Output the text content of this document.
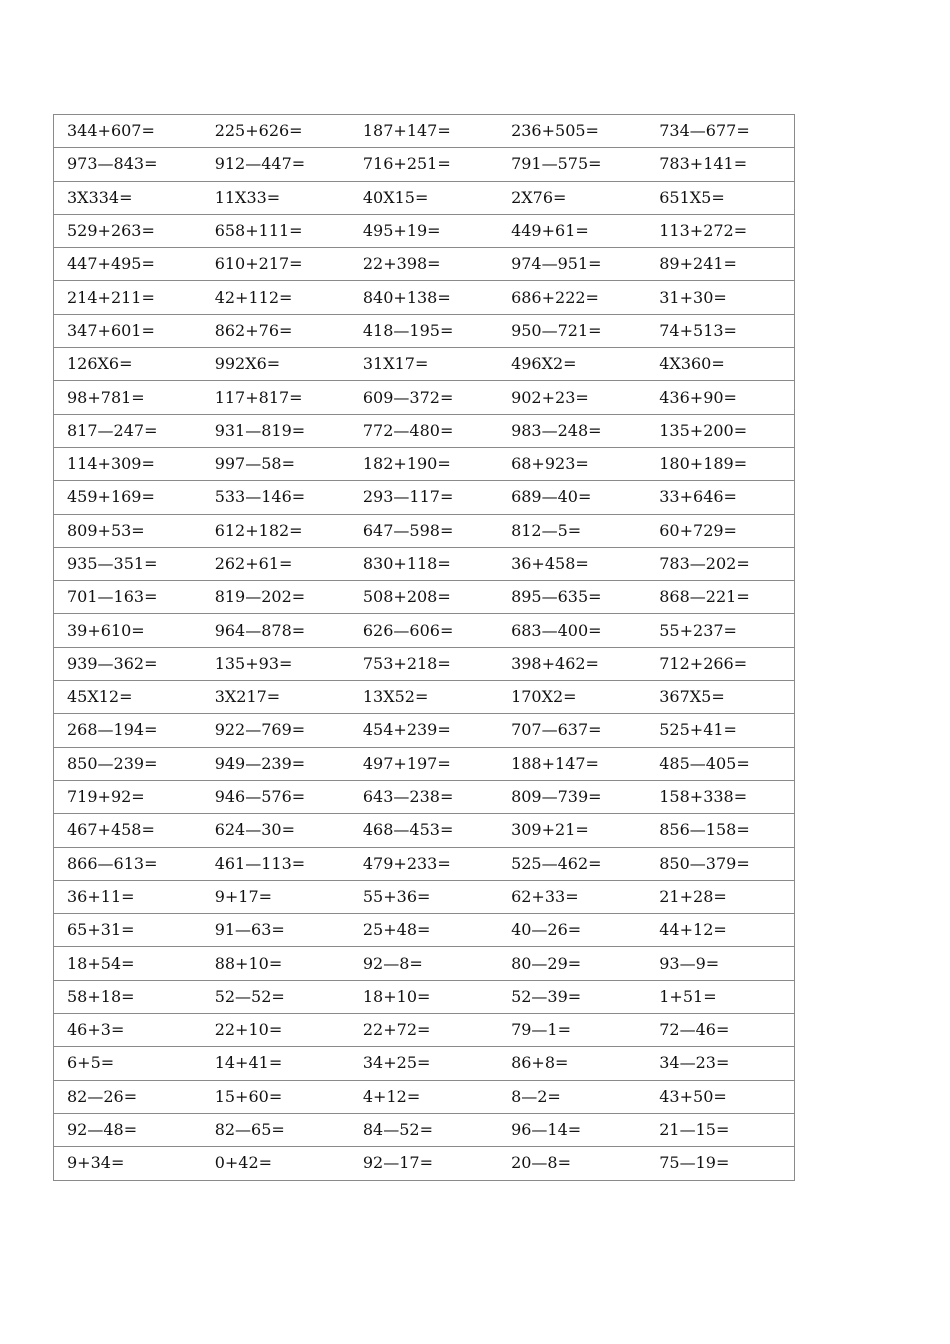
344+607=	225+626=	187+147=	236+505=	734—677=
973—843=	912—447=	716+251=	791—575=	783+141=
3X334=	11X33=	40X15=	2X76=	651X5=
529+263=	658+111=	495+19=	449+61=	113+272=
447+495=	610+217=	22+398=	974—951=	89+241=
214+211=	42+112=	840+138=	686+222=	31+30=
347+601=	862+76=	418—195=	950—721=	74+513=
126X6=	992X6=	31X17=	496X2=	4X360=
98+781=	117+817=	609—372=	902+23=	436+90=
817—247=	931—819=	772—480=	983—248=	135+200=
114+309=	997—58=	182+190=	68+923=	180+189=
459+169=	533—146=	293—117=	689—40=	33+646=
809+53=	612+182=	647—598=	812—5=	60+729=
935—351=	262+61=	830+118=	36+458=	783—202=
701—163=	819—202=	508+208=	895—635=	868—221=
39+610=	964—878=	626—606=	683—400=	55+237=
939—362=	135+93=	753+218=	398+462=	712+266=
45X12=	3X217=	13X52=	170X2=	367X5=
268—194=	922—769=	454+239=	707—637=	525+41=
850—239=	949—239=	497+197=	188+147=	485—405=
719+92=	946—576=	643—238=	809—739=	158+338=
467+458=	624—30=	468—453=	309+21=	856—158=
866—613=	461—113=	479+233=	525—462=	850—379=
36+11=	9+17=	55+36=	62+33=	21+28=
65+31=	91—63=	25+48=	40—26=	44+12=
18+54=	88+10=	92—8=	80—29=	93—9=
58+18=	52—52=	18+10=	52—39=	1+51=
46+3=	22+10=	22+72=	79—1=	72—46=
6+5=	14+41=	34+25=	86+8=	34—23=
82—26=	15+60=	4+12=	8—2=	43+50=
92—48=	82—65=	84—52=	96—14=	21—15=
9+34=	0+42=	92—17=	20—8=	75—19=
